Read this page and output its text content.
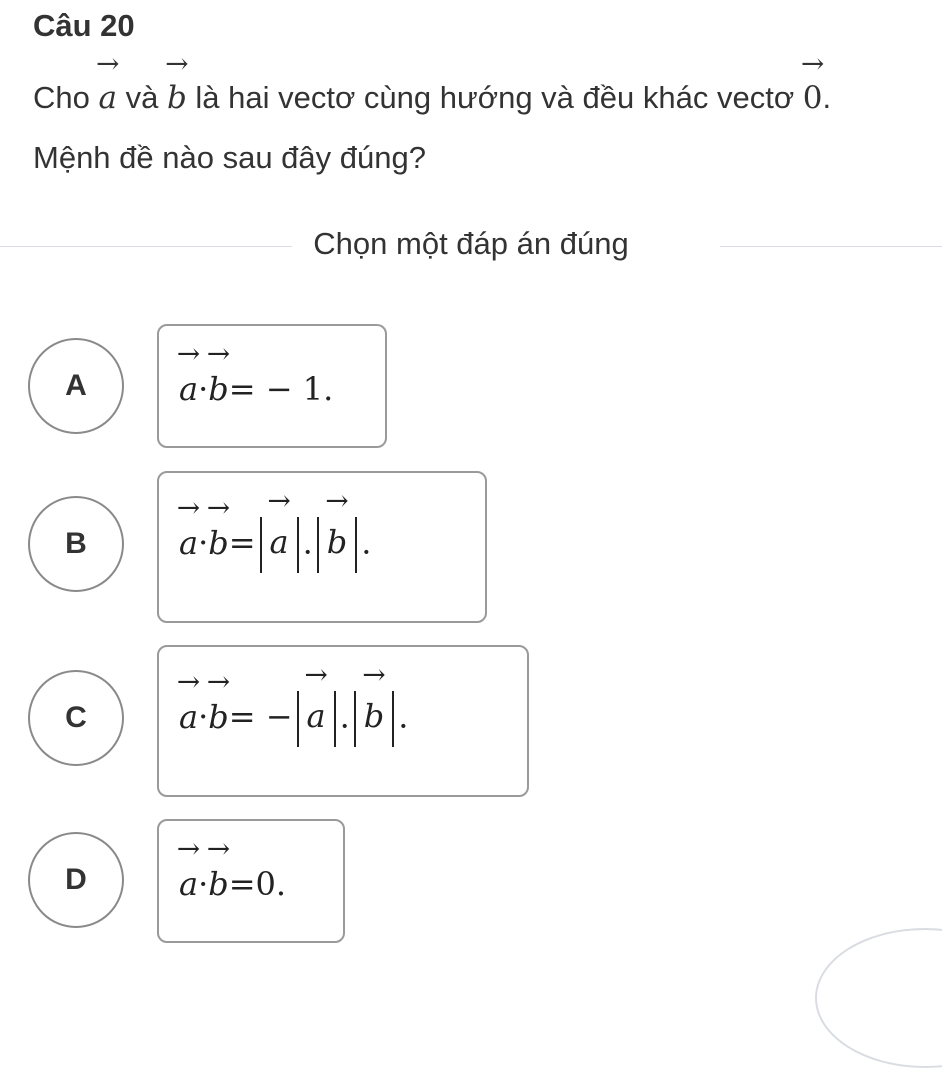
Câu 20
Cho
→
a và
→
b là hai vectơ cùng hướng và đều khác vectơ
→
0.
Mệnh đề nào sau đây đúng?
Chọn một đáp án đúng
A
→
a·
→
b= − 1.
B
→
a·
→
b=
→
a .
→
b .
C
→
a·
→
b= −
→
a .
→
b .
D
→
a·
→
b=0.
